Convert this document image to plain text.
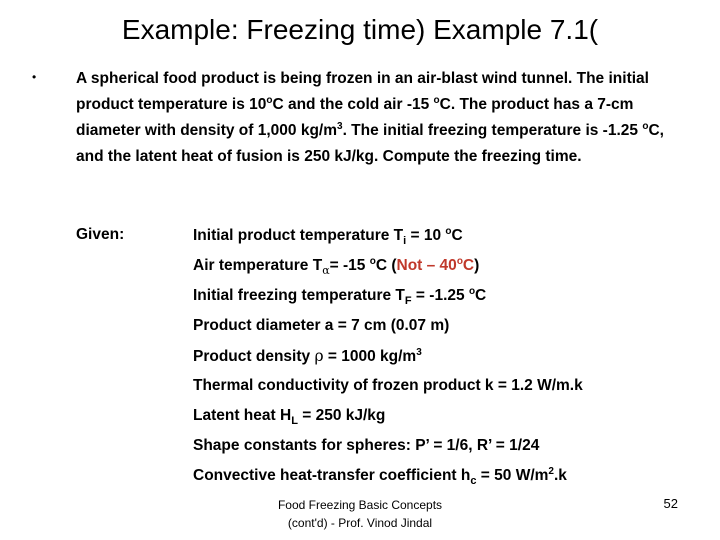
Example: Freezing time) Example 7.1(
•	A spherical food product is being frozen in an air-blast wind tunnel. The initial product temperature is 10$^o$C and the cold air -15 $^o$C. The product has a 7-cm diameter with density of 1,000 $kg/m^3$. The initial freezing temperature is -1.25 $^o$C, and the latent heat of fusion is 250 kJ/kg. Compute the freezing time.
Given:	Initial product temperature $T_i = 10$ $^o$C
Air temperature $T_\alpha= -15$ $^o$C (Not – 40$^o$C)
Initial freezing temperature $T_F = -1.25$ $^o$C
Product diameter a = 7 cm (0.07 m)
Product density ρ = 1000 $kg/m^3$
Thermal conductivity of frozen product k = 1.2 W/m.k
Latent heat $H_L = 250$ kJ/kg
Shape constants for spheres: P’ = 1/6, R’ = 1/24
Convective heat-transfer coefficient $h_c = 50$ $W/m^2.k$
Food Freezing Basic Concepts
(cont'd) - Prof. Vinod Jindal
52
